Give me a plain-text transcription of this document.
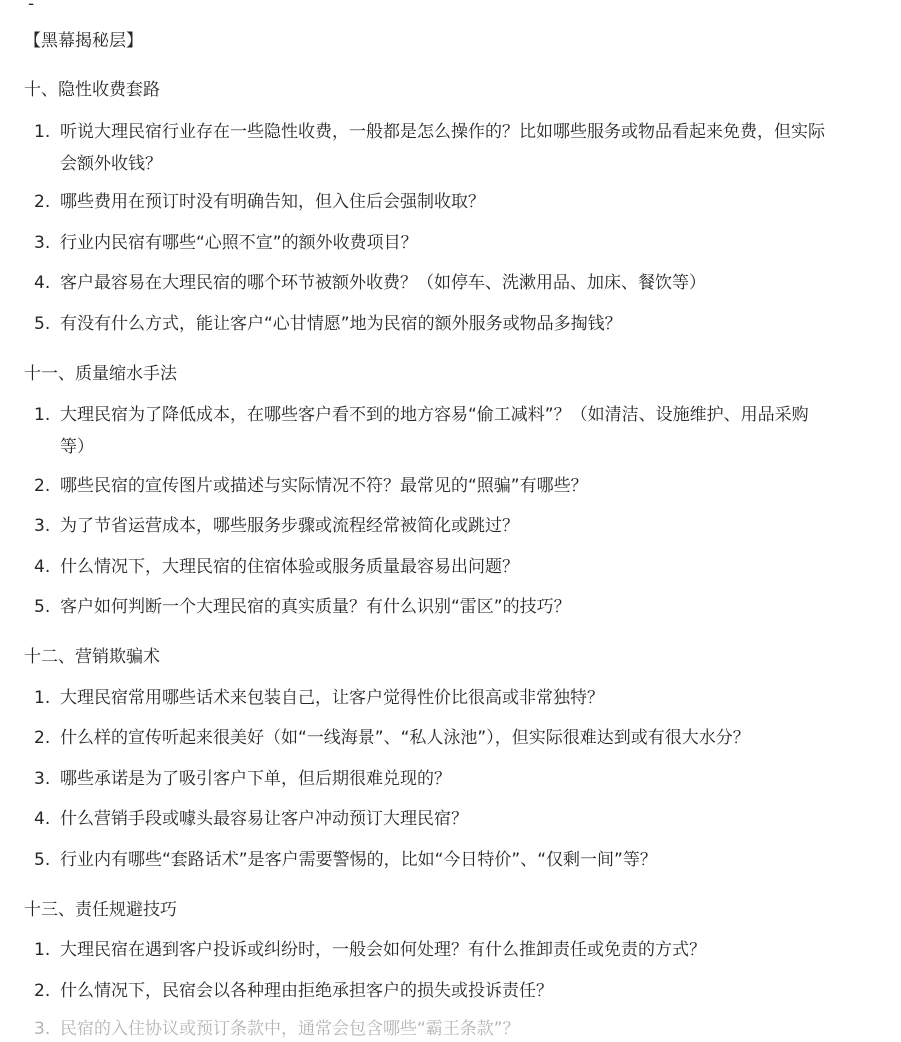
-
【黑幕揭秘层】
十、隐性收费套路
1. 听说大理民宿行业存在一些隐性收费，一般都是怎么操作的？比如哪些服务或物品看起来免费，但实际会额外收钱？
2. 哪些费用在预订时没有明确告知，但入住后会强制收取？
3. 行业内民宿有哪些“心照不宣”的额外收费项目？
4. 客户最容易在大理民宿的哪个环节被额外收费？（如停车、洗漱用品、加床、餐饮等）
5. 有没有什么方式，能让客户“心甘情愿”地为民宿的额外服务或物品多掏钱？
十一、质量缩水手法
1. 大理民宿为了降低成本，在哪些客户看不到的地方容易“偷工减料”？（如清洁、设施维护、用品采购等）
2. 哪些民宿的宣传图片或描述与实际情况不符？最常见的“照骗”有哪些？
3. 为了节省运营成本，哪些服务步骤或流程经常被简化或跳过？
4. 什么情况下，大理民宿的住宿体验或服务质量最容易出问题？
5. 客户如何判断一个大理民宿的真实质量？有什么识别“雷区”的技巧？
十二、营销欺骗术
1. 大理民宿常用哪些话术来包装自己，让客户觉得性价比很高或非常独特？
2. 什么样的宣传听起来很美好（如“一线海景”、“私人泳池”），但实际很难达到或有很大水分？
3. 哪些承诺是为了吸引客户下单，但后期很难兑现的？
4. 什么营销手段或噱头最容易让客户冲动预订大理民宿？
5. 行业内有哪些“套路话术”是客户需要警惕的，比如“今日特价”、“仅剩一间”等？
十三、责任规避技巧
1. 大理民宿在遇到客户投诉或纠纷时，一般会如何处理？有什么推卸责任或免责的方式？
2. 什么情况下，民宿会以各种理由拒绝承担客户的损失或投诉责任？
3. 民宿的入住协议或预订条款中，通常会包含哪些“霸王条款”？
